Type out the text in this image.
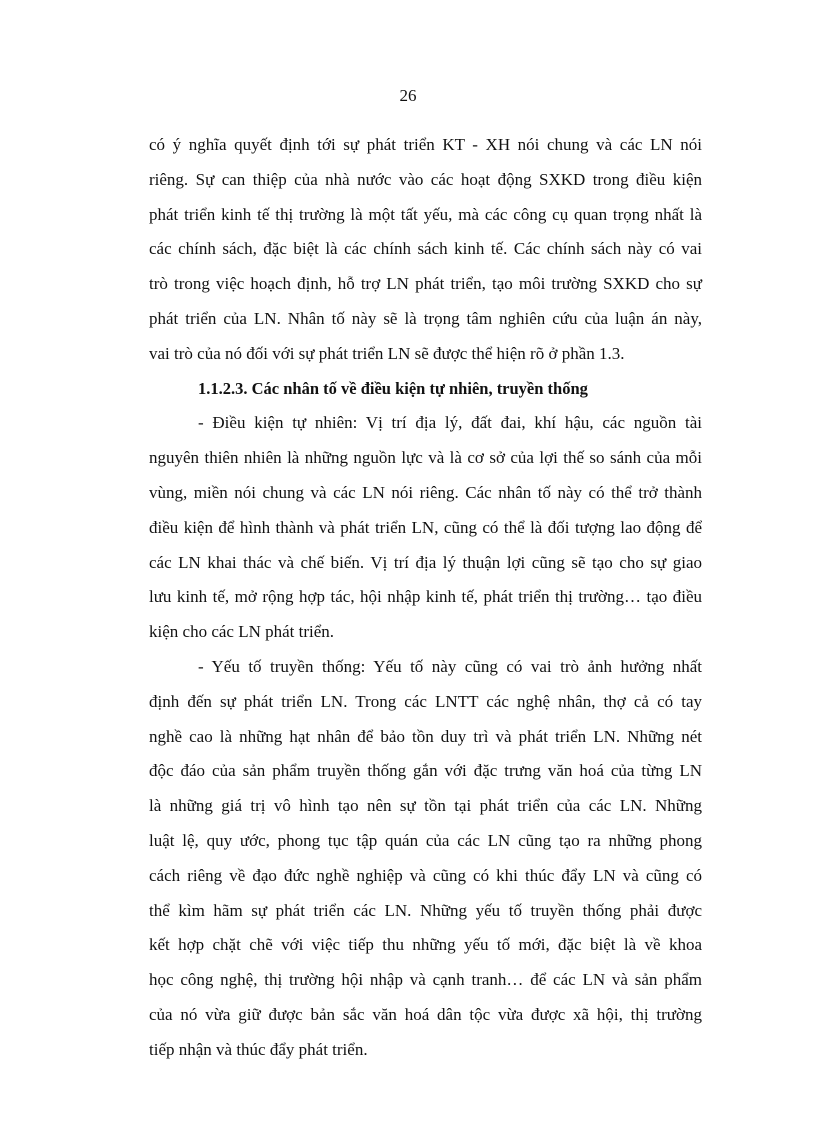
26
có ý nghĩa quyết định tới sự phát triển KT - XH nói chung và các LN nói
riêng. Sự can thiệp của nhà nước vào các hoạt động SXKD trong điều kiện
phát triển kinh tế thị trường là một tất yếu, mà các công cụ quan trọng nhất là
các chính sách, đặc biệt là các chính sách kinh tế. Các chính sách này có vai
trò trong việc hoạch định, hỗ trợ LN phát triển, tạo môi trường SXKD cho sự
phát triển của LN. Nhân tố này sẽ là trọng tâm nghiên cứu của luận án này,
vai trò của nó đối với sự phát triển LN sẽ được thể hiện rõ ở phần 1.3.
1.1.2.3. Các nhân tố về điều kiện tự nhiên, truyền thống
- Điều kiện tự nhiên: Vị trí địa lý, đất đai, khí hậu, các nguồn tài
nguyên thiên nhiên là những nguồn lực và là cơ sở của lợi thế so sánh của mỗi
vùng, miền nói chung và các LN nói riêng. Các nhân tố này có thể trở thành
điều kiện để hình thành và phát triển LN, cũng có thể là đối tượng lao động để
các LN khai thác và chế biến. Vị trí địa lý thuận lợi cũng sẽ tạo cho sự giao
lưu kinh tế, mở rộng hợp tác, hội nhập kinh tế, phát triển thị trường… tạo điều
kiện cho các LN phát triển.
- Yếu tố truyền thống: Yếu tố này cũng có vai trò ảnh hưởng nhất
định đến sự phát triển LN. Trong các LNTT các nghệ nhân, thợ cả có tay
nghề cao là những hạt nhân để bảo tồn duy trì và phát triển LN. Những nét
độc đáo của sản phẩm truyền thống gắn với đặc trưng văn hoá của từng LN
là những giá trị vô hình tạo nên sự tồn tại phát triển của các LN. Những
luật lệ, quy ước, phong tục tập quán của các LN cũng tạo ra những phong
cách riêng về đạo đức nghề nghiệp và cũng có khi thúc đẩy LN và cũng có
thể kìm hãm sự phát triển các LN. Những yếu tố truyền thống phải được
kết hợp chặt chẽ với việc tiếp thu những yếu tố mới, đặc biệt là về khoa
học công nghệ, thị trường hội nhập và cạnh tranh… để các LN và sản phẩm
của nó vừa giữ được bản sắc văn hoá dân tộc vừa được xã hội, thị trường
tiếp nhận và thúc đẩy phát triển.
